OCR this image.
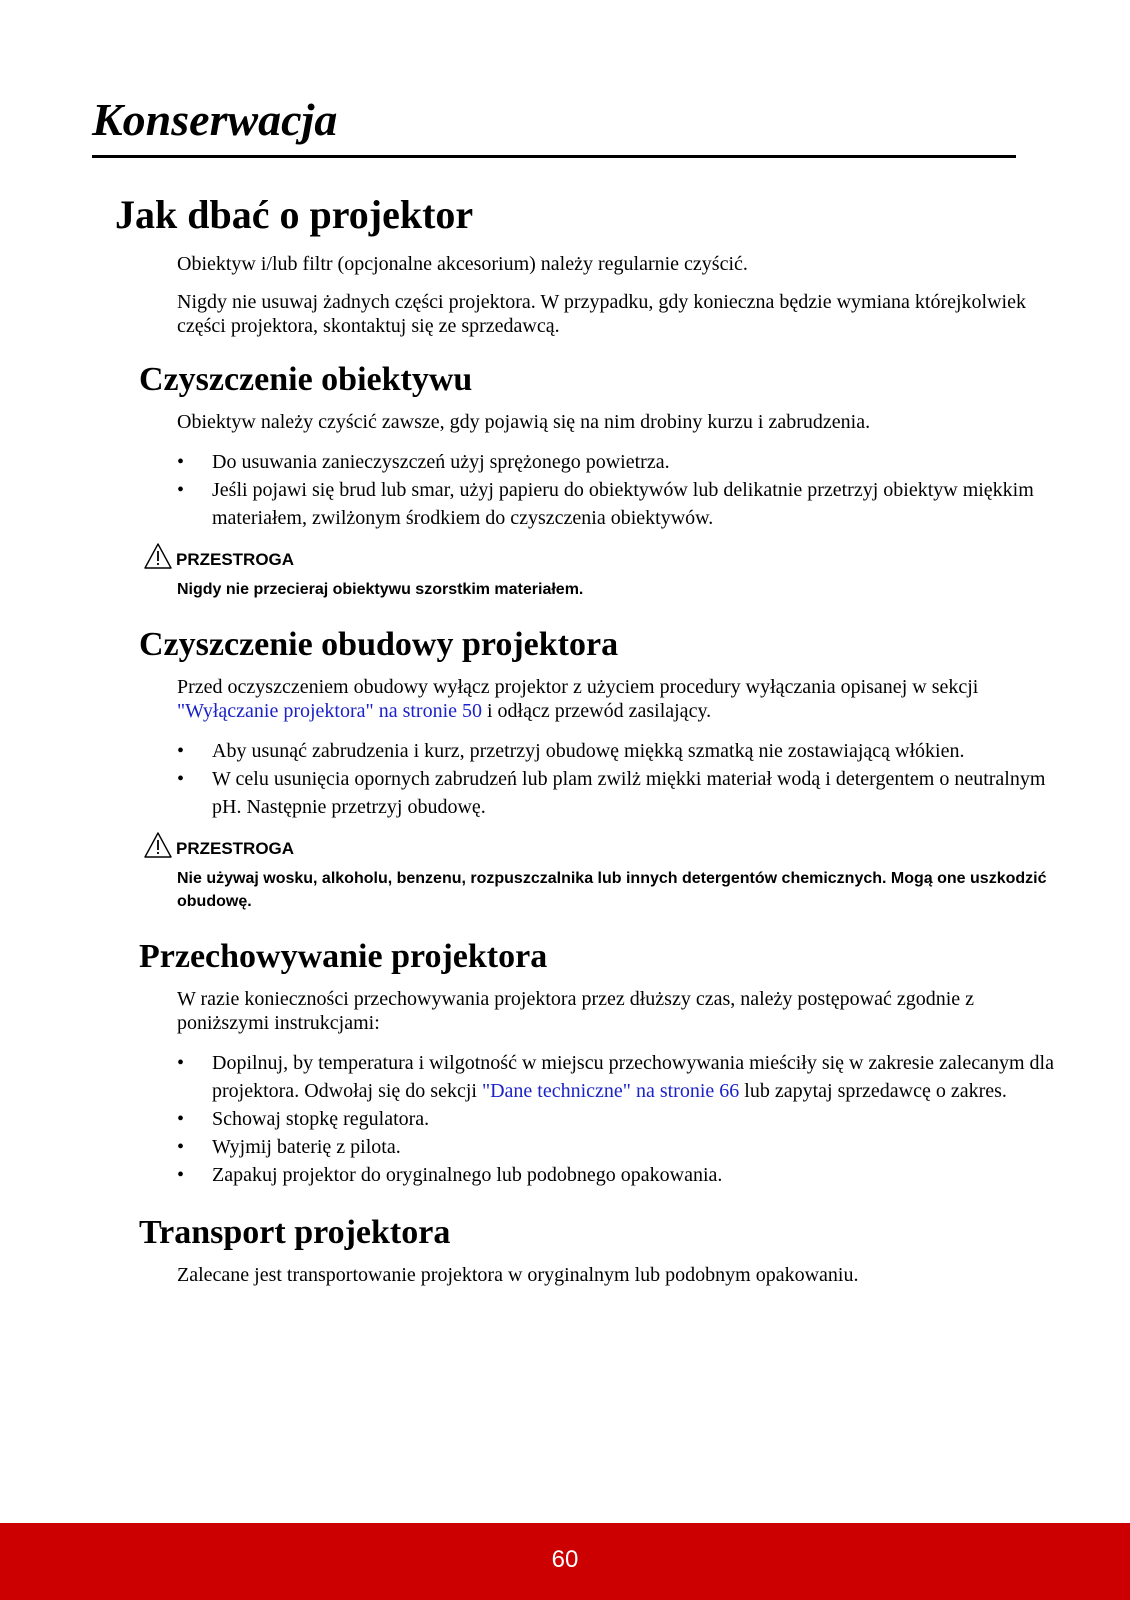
Konserwacja
Jak dbać o projektor

Obiektyw i/lub filtr (opcjonalne akcesorium) należy regularnie czyścić.

Nigdy nie usuwaj żadnych części projektora. W przypadku, gdy konieczna będzie wymiana którejkolwiek części projektora, skontaktuj się ze sprzedawcą.

Czyszczenie obiektywu

Obiektyw należy czyścić zawsze, gdy pojawią się na nim drobiny kurzu i zabrudzenia.

• Do usuwania zanieczyszczeń użyj sprężonego powietrza.
• Jeśli pojawi się brud lub smar, użyj papieru do obiektywów lub delikatnie przetrzyj obiektyw miękkim materiałem, zwilżonym środkiem do czyszczenia obiektywów.
PRZESTROGA
Nigdy nie przecieraj obiektywu szorstkim materiałem.
Czyszczenie obudowy projektora

Przed oczyszczeniem obudowy wyłącz projektor z użyciem procedury wyłączania opisanej w sekcji "Wyłączanie projektora" na stronie 50 i odłącz przewód zasilający.

• Aby usunąć zabrudzenia i kurz, przetrzyj obudowę miękką szmatką nie zostawiającą włókien.
• W celu usunięcia opornych zabrudzeń lub plam zwilż miękki materiał wodą i detergentem o neutralnym pH. Następnie przetrzyj obudowę.
PRZESTROGA
Nie używaj wosku, alkoholu, benzenu, rozpuszczalnika lub innych detergentów chemicznych. Mogą one uszkodzić obudowę.
Przechowywanie projektora

W razie konieczności przechowywania projektora przez dłuższy czas, należy postępować zgodnie z poniższymi instrukcjami:

• Dopilnuj, by temperatura i wilgotność w miejscu przechowywania mieściły się w zakresie zalecanym dla projektora. Odwołaj się do sekcji "Dane techniczne" na stronie 66 lub zapytaj sprzedawcę o zakres.
• Schowaj stopkę regulatora.
• Wyjmij baterię z pilota.
• Zapakuj projektor do oryginalnego lub podobnego opakowania.
Transport projektora

Zalecane jest transportowanie projektora w oryginalnym lub podobnym opakowaniu.

60
